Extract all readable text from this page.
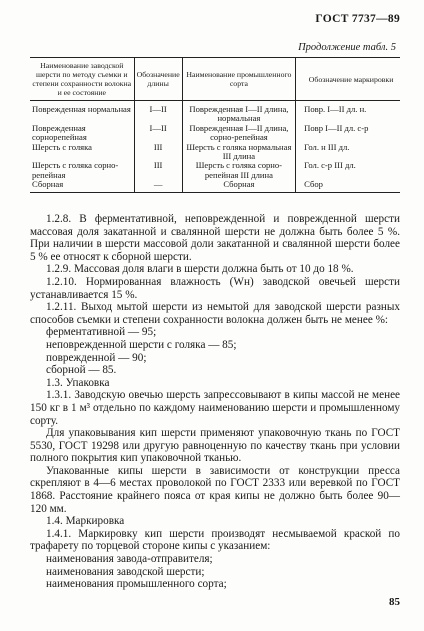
ГОСТ 7737—89
Продолжение табл. 5
Наименование заводской шерсти по методу съемки и степени сохранности волокна и ее состояние	Обозначение длины	Наименование промышленного сорта	Обозначение маркировки
Поврежденная нормальная	I—II	Поврежденная I—II длина, нормальная	Повр. I—II дл. н.
Поврежденная сорнорепейная	I—II	Поврежденная I—II длина, сорно-репейная	Повр I—II дл. с-р
Шерсть с голяка	III	Шерсть с голяка нормальная III длина	Гол. н III дл.
Шерсть с голяка сорно-репейная	III	Шерсть с голяка сорно-репейная III длина	Гол. с-р III дл.
Сборная	—	Сборная	Сбор

1.2.8. В ферментативной, неповрежденной и поврежденной шерсти массовая доля закатанной и свалянной шерсти не должна быть более 5 %. При наличии в шерсти массовой доли закатанной и свалянной шерсти более 5 % ее относят к сборной шерсти.

1.2.9. Массовая доля влаги в шерсти должна быть от 10 до 18 %.

1.2.10. Нормированная влажность (Wн) заводской овечьей шерсти устанавливается 15 %.

1.2.11. Выход мытой шерсти из немытой для заводской шерсти разных способов съемки и степени сохранности волокна должен быть не менее %:

ферментативной — 95;

неповрежденной шерсти с голяка — 85;

поврежденной — 90;

сборной — 85.

1.3. Упаковка

1.3.1. Заводскую овечью шерсть запрессовывают в кипы массой не менее 150 кг в 1 м³ отдельно по каждому наименованию шерсти и промышленному сорту.

Для упаковывания кип шерсти применяют упаковочную ткань по ГОСТ 5530, ГОСТ 19298 или другую равноценную по качеству ткань при условии полного покрытия кип упаковочной тканью.

Упакованные кипы шерсти в зависимости от конструкции пресса скрепляют в 4—6 местах проволокой по ГОСТ 2333 или веревкой по ГОСТ 1868. Расстояние крайнего пояса от края кипы не должно быть более 90—120 мм.

1.4. Маркировка

1.4.1. Маркировку кип шерсти производят несмываемой краской по трафарету по торцевой стороне кипы с указанием:

наименования завода-отправителя;

наименования заводской шерсти;

наименования промышленного сорта;

85
